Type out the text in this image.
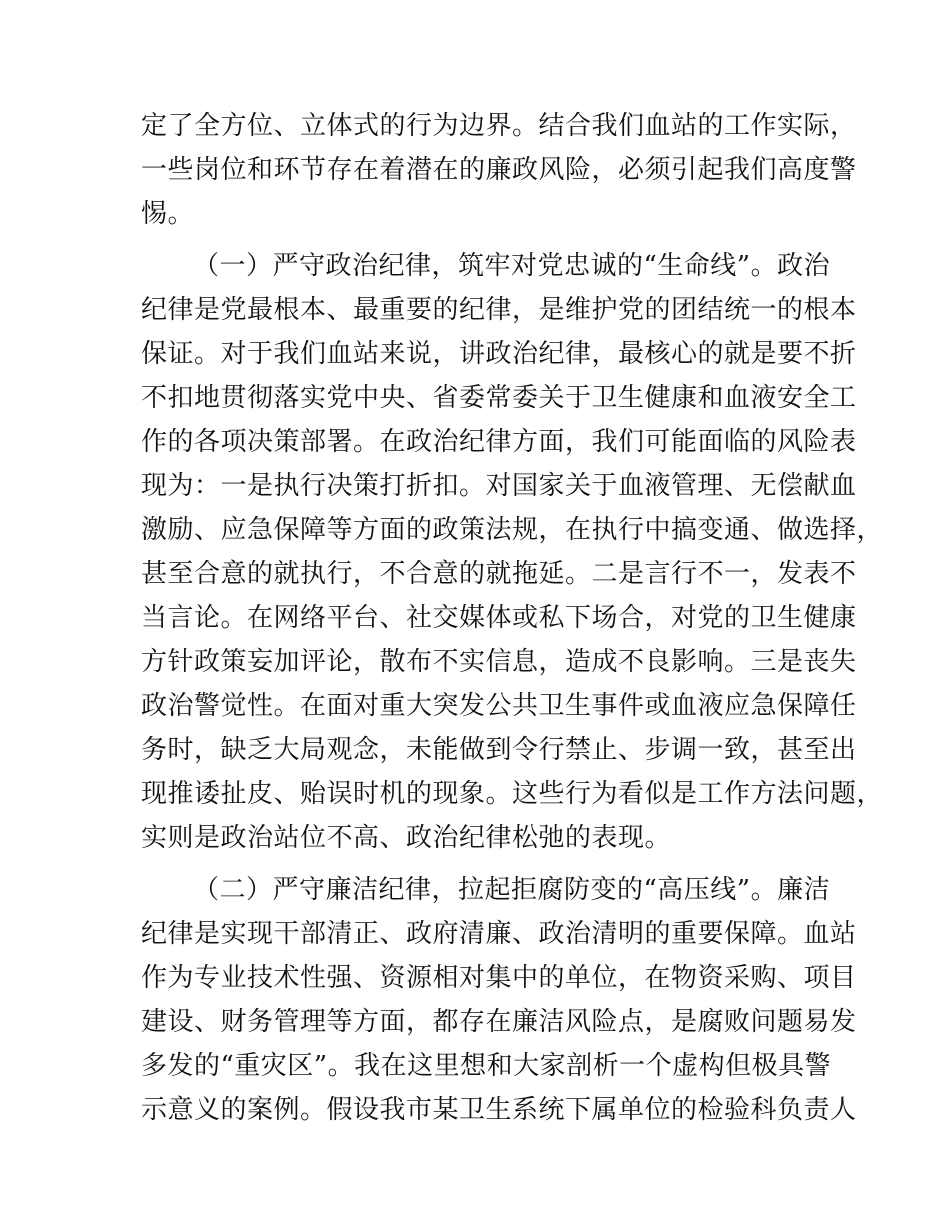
定了全方位、立体式的行为边界。结合我们血站的工作实际，
一些岗位和环节存在着潜在的廉政风险，必须引起我们高度警
惕。
（一）严守政治纪律，筑牢对党忠诚的“生命线”。政治
纪律是党最根本、最重要的纪律，是维护党的团结统一的根本
保证。对于我们血站来说，讲政治纪律，最核心的就是要不折
不扣地贯彻落实党中央、省委常委关于卫生健康和血液安全工
作的各项决策部署。在政治纪律方面，我们可能面临的风险表
现为：一是执行决策打折扣。对国家关于血液管理、无偿献血
激励、应急保障等方面的政策法规，在执行中搞变通、做选择，
甚至合意的就执行，不合意的就拖延。二是言行不一，发表不
当言论。在网络平台、社交媒体或私下场合，对党的卫生健康
方针政策妄加评论，散布不实信息，造成不良影响。三是丧失
政治警觉性。在面对重大突发公共卫生事件或血液应急保障任
务时，缺乏大局观念，未能做到令行禁止、步调一致，甚至出
现推诿扯皮、贻误时机的现象。这些行为看似是工作方法问题，
实则是政治站位不高、政治纪律松弛的表现。
（二）严守廉洁纪律，拉起拒腐防变的“高压线”。廉洁
纪律是实现干部清正、政府清廉、政治清明的重要保障。血站
作为专业技术性强、资源相对集中的单位，在物资采购、项目
建设、财务管理等方面，都存在廉洁风险点，是腐败问题易发
多发的“重灾区”。我在这里想和大家剖析一个虚构但极具警
示意义的案例。假设我市某卫生系统下属单位的检验科负责人
